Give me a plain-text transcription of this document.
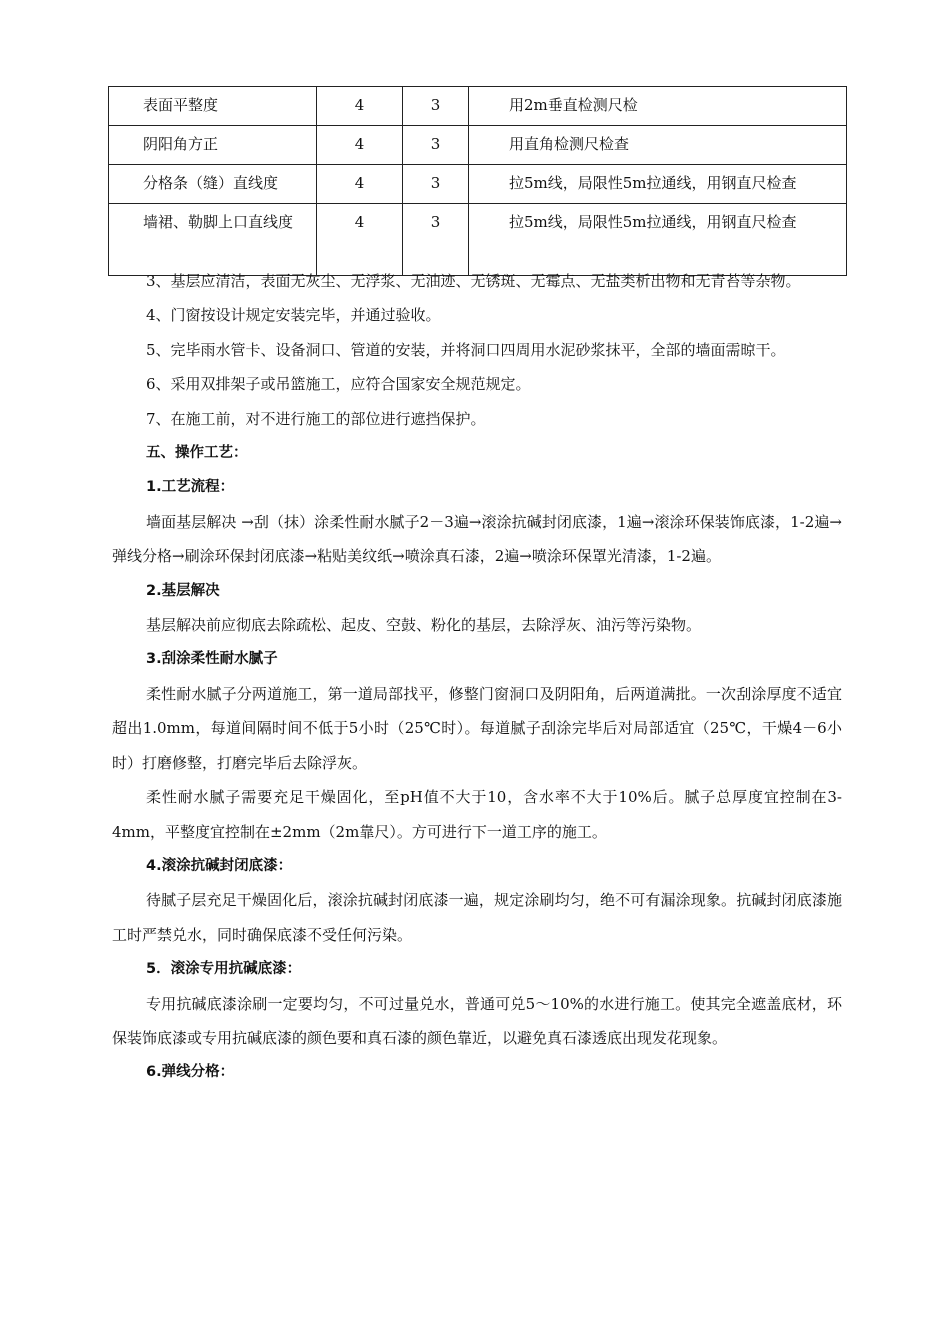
表面平整度	4	3	用2m垂直检测尺检
阴阳角方正	4	3	用直角检测尺检查
分格条（缝）直线度	4	3	拉5m线，局限性5m拉通线，用钢直尺检查
墙裙、勒脚上口直线度	4	3	拉5m线，局限性5m拉通线，用钢直尺检查

3、基层应清洁，表面无灰尘、无浮浆、无油迹、无锈斑、无霉点、无盐类析出物和无青苔等杂物。

4、门窗按设计规定安装完毕，并通过验收。

5、完毕雨水管卡、设备洞口、管道的安装，并将洞口四周用水泥砂浆抹平，全部的墙面需晾干。

6、采用双排架子或吊篮施工，应符合国家安全规范规定。

7、在施工前，对不进行施工的部位进行遮挡保护。

五、操作工艺：

1.工艺流程：

墙面基层解决 →刮（抹）涂柔性耐水腻子2－3遍→滚涂抗碱封闭底漆，1遍→滚涂环保装饰底漆，1-2遍→弹线分格→刷涂环保封闭底漆→粘贴美纹纸→喷涂真石漆，2遍→喷涂环保罩光清漆，1-2遍。

2.基层解决

基层解决前应彻底去除疏松、起皮、空鼓、粉化的基层，去除浮灰、油污等污染物。

3.刮涂柔性耐水腻子

柔性耐水腻子分两道施工，第一道局部找平，修整门窗洞口及阴阳角，后两道满批。一次刮涂厚度不适宜超出1.0mm，每道间隔时间不低于5小时（25℃时）。每道腻子刮涂完毕后对局部适宜（25℃，干燥4－6小时）打磨修整，打磨完毕后去除浮灰。

柔性耐水腻子需要充足干燥固化，至pH值不大于10，含水率不大于10%后。腻子总厚度宜控制在3-4mm，平整度宜控制在±2mm（2m靠尺）。方可进行下一道工序的施工。

4.滚涂抗碱封闭底漆：

待腻子层充足干燥固化后，滚涂抗碱封闭底漆一遍，规定涂刷均匀，绝不可有漏涂现象。抗碱封闭底漆施工时严禁兑水，同时确保底漆不受任何污染。

5．滚涂专用抗碱底漆：

专用抗碱底漆涂刷一定要均匀，不可过量兑水，普通可兑5～10%的水进行施工。使其完全遮盖底材，环保装饰底漆或专用抗碱底漆的颜色要和真石漆的颜色靠近，以避免真石漆透底出现发花现象。

6.弹线分格：
